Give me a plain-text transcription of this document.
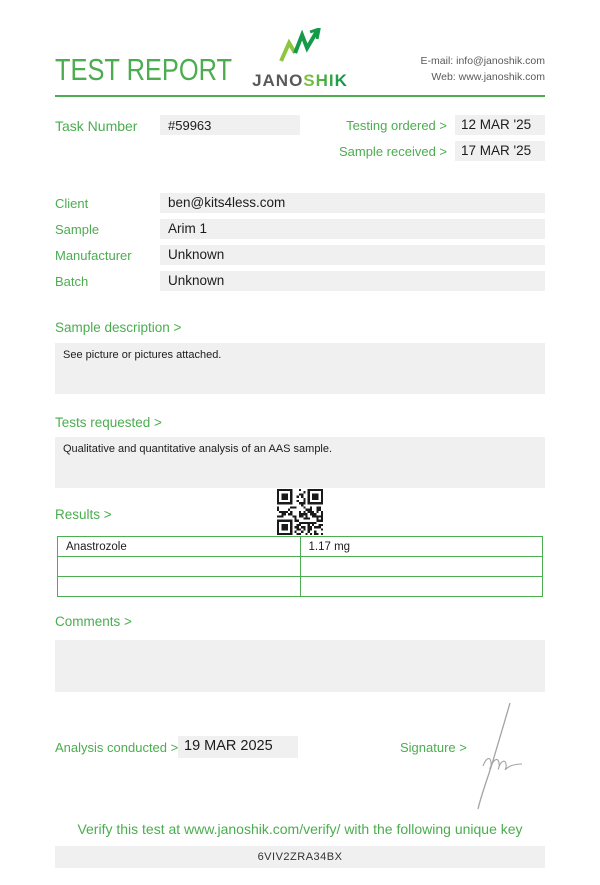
TEST REPORT JANOSHIK
E-mail: info@janoshik.com
Web: www.janoshik.com
Task Number	#59963	Testing ordered >	12 MAR '25
Sample received >	17 MAR '25
Client	ben@kits4less.com
Sample	Arim 1
Manufacturer	Unknown
Batch	Unknown
Sample description >
See picture or pictures attached.
Tests requested >
Qualitative and quantitative analysis of an AAS sample.
Results >
Anastrozole	1.17 mg

Comments >
Analysis conducted > 19 MAR 2025	Signature >
Verify this test at www.janoshik.com/verify/ with the following unique key
6VIV2ZRA34BX
